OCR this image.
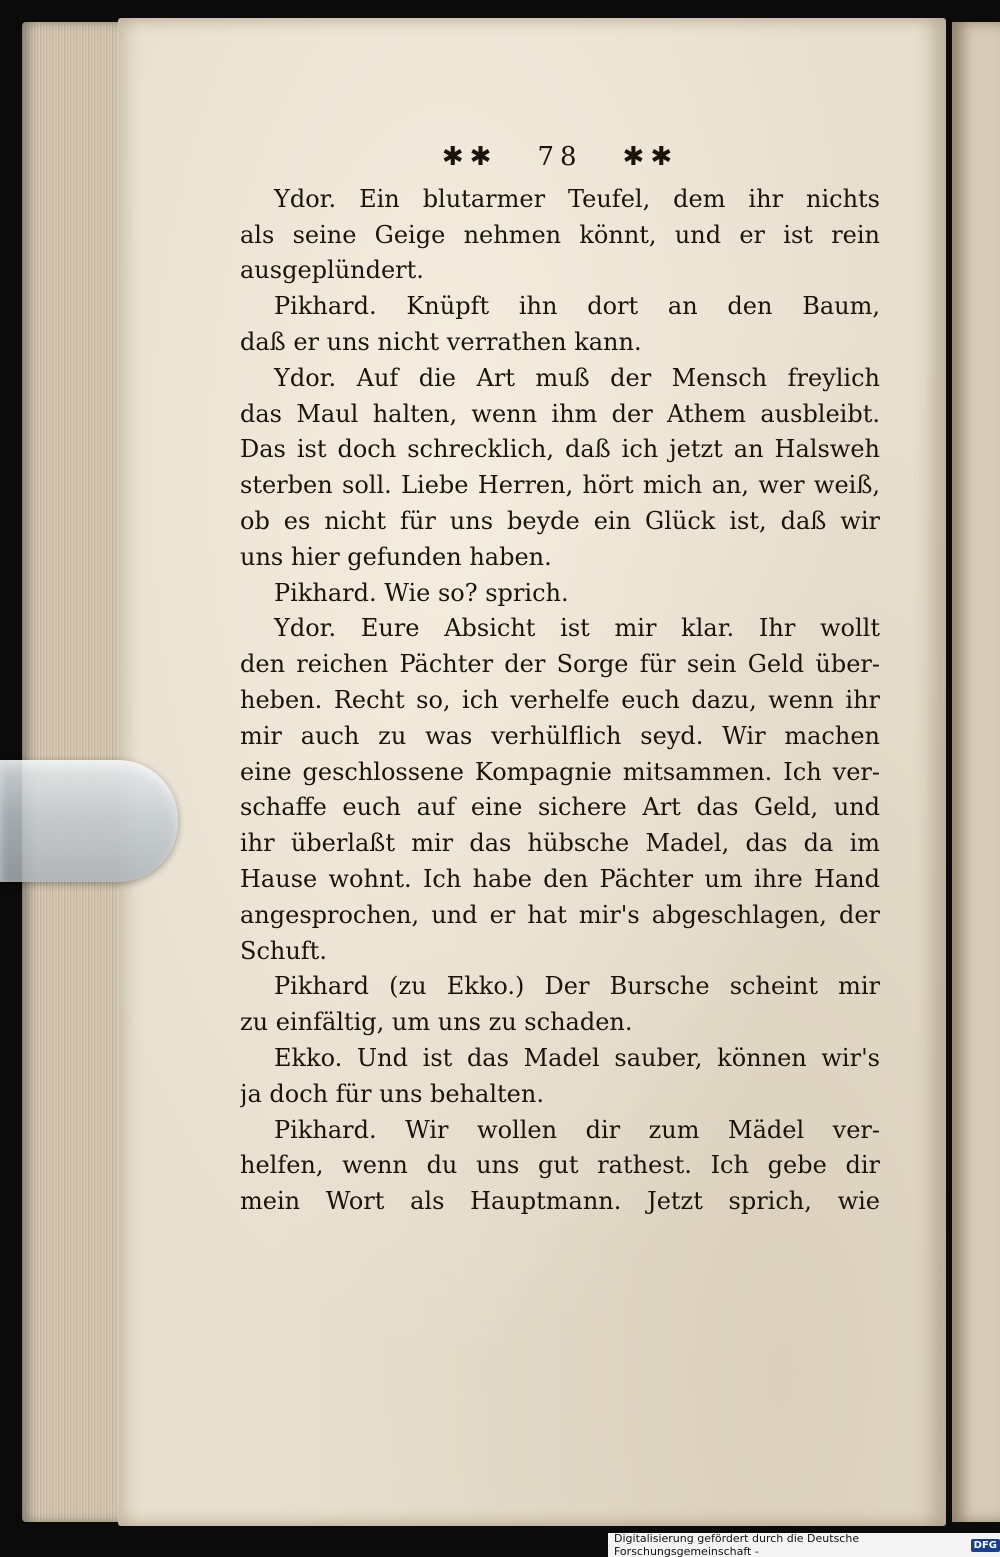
✱✱ 78 ✱✱
Ydor. Ein blutarmer Teufel, dem ihr nichts
als seine Geige nehmen könnt, und er ist rein
ausgeplündert.
Pikhard. Knüpft ihn dort an den Baum,
daß er uns nicht verrathen kann.
Ydor. Auf die Art muß der Mensch freylich
das Maul halten, wenn ihm der Athem ausbleibt.
Das ist doch schrecklich, daß ich jetzt an Halsweh
sterben soll. Liebe Herren, hört mich an, wer weiß,
ob es nicht für uns beyde ein Glück ist, daß wir
uns hier gefunden haben.
Pikhard. Wie so? sprich.
Ydor. Eure Absicht ist mir klar. Ihr wollt
den reichen Pächter der Sorge für sein Geld über-
heben. Recht so, ich verhelfe euch dazu, wenn ihr
mir auch zu was verhülflich seyd. Wir machen
eine geschlossene Kompagnie mitsammen. Ich ver-
schaffe euch auf eine sichere Art das Geld, und
ihr überlaßt mir das hübsche Madel, das da im
Hause wohnt. Ich habe den Pächter um ihre Hand
angesprochen, und er hat mir's abgeschlagen, der
Schuft.
Pikhard (zu Ekko.) Der Bursche scheint mir
zu einfältig, um uns zu schaden.
Ekko. Und ist das Madel sauber, können wir's
ja doch für uns behalten.
Pikhard. Wir wollen dir zum Mädel ver-
helfen, wenn du uns gut rathest. Ich gebe dir
mein Wort als Hauptmann. Jetzt sprich, wie
Digitalisierung gefördert durch die Deutsche Forschungsgemeinschaft -	DFG
